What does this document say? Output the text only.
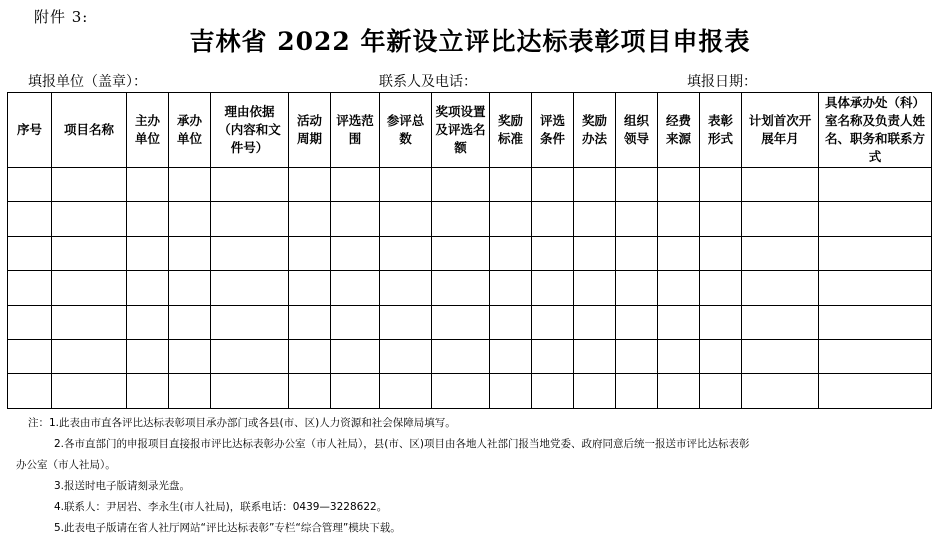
附件 3:
吉林省 2022 年新设立评比达标表彰项目申报表
填报单位（盖章）：	联系人及电话：	填报日期：
序号	项目名称	主办单位	承办单位	理由依据（内容和文件号）	活动周期	评选范围	参评总数	奖项设置及评选名额	奖励标准	评选条件	奖励办法	组织领导	经费来源	表彰形式	计划首次开展年月	具体承办处（科）室名称及负责人姓名、职务和联系方式

注：1.此表由市直各评比达标表彰项目承办部门或各县(市、区)人力资源和社会保障局填写。
2.各市直部门的申报项目直接报市评比达标表彰办公室（市人社局），县(市、区)项目由各地人社部门报当地党委、政府同意后统一报送市评比达标表彰
办公室（市人社局）。
3.报送时电子版请刻录光盘。
4.联系人：尹居岩、李永生(市人社局)，联系电话：0439—3228622。
5.此表电子版请在省人社厅网站“评比达标表彰”专栏“综合管理”模块下载。
